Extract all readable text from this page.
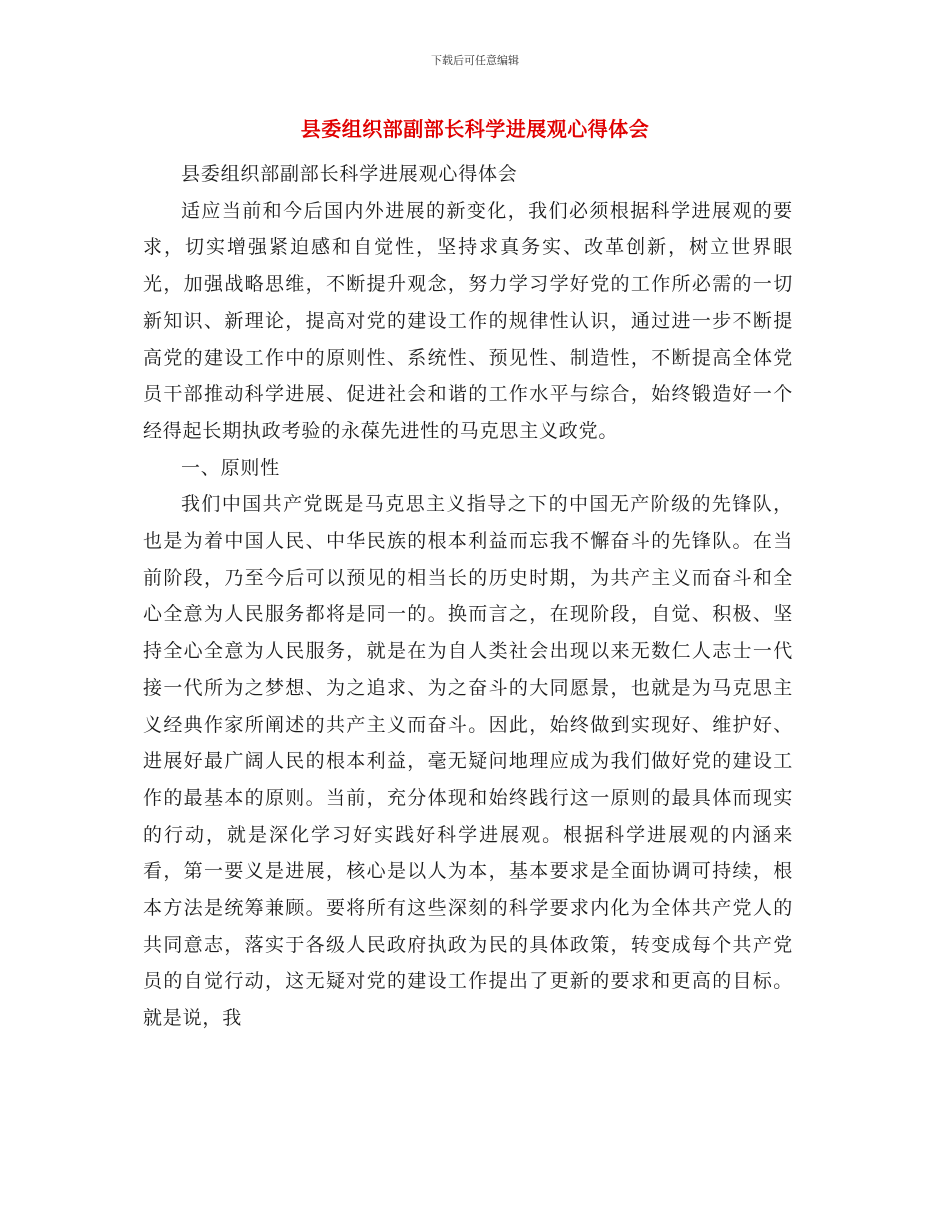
下载后可任意编辑
县委组织部副部长科学进展观心得体会

县委组织部副部长科学进展观心得体会

适应当前和今后国内外进展的新变化，我们必须根据科学进展观的要求，切实增强紧迫感和自觉性，坚持求真务实、改革创新，树立世界眼光，加强战略思维，不断提升观念，努力学习学好党的工作所必需的一切新知识、新理论，提高对党的建设工作的规律性认识，通过进一步不断提高党的建设工作中的原则性、系统性、预见性、制造性，不断提高全体党员干部推动科学进展、促进社会和谐的工作水平与综合，始终锻造好一个经得起长期执政考验的永葆先进性的马克思主义政党。

一、原则性

我们中国共产党既是马克思主义指导之下的中国无产阶级的先锋队，也是为着中国人民、中华民族的根本利益而忘我不懈奋斗的先锋队。在当前阶段，乃至今后可以预见的相当长的历史时期，为共产主义而奋斗和全心全意为人民服务都将是同一的。换而言之，在现阶段，自觉、积极、坚持全心全意为人民服务，就是在为自人类社会出现以来无数仁人志士一代接一代所为之梦想、为之追求、为之奋斗的大同愿景，也就是为马克思主义经典作家所阐述的共产主义而奋斗。因此，始终做到实现好、维护好、进展好最广阔人民的根本利益，毫无疑问地理应成为我们做好党的建设工作的最基本的原则。当前，充分体现和始终践行这一原则的最具体而现实的行动，就是深化学习好实践好科学进展观。根据科学进展观的内涵来看，第一要义是进展，核心是以人为本，基本要求是全面协调可持续，根本方法是统筹兼顾。要将所有这些深刻的科学要求内化为全体共产党人的共同意志，落实于各级人民政府执政为民的具体政策，转变成每个共产党员的自觉行动，这无疑对党的建设工作提出了更新的要求和更高的目标。就是说，我
